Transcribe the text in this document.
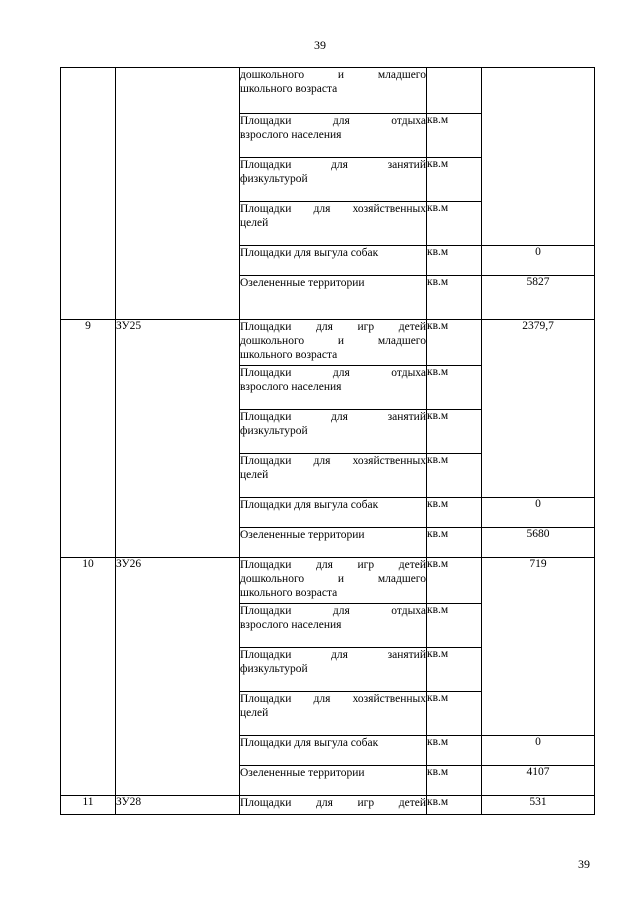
39

		дошкольного и младшего
школьного возраста		

		Площадки для отдыха
взрослого населения	кв.м	

		Площадки для занятий
физкультурой	кв.м	

		Площадки для хозяйственных
целей	кв.м	
		Площадки для выгула собак	кв.м	0
		Озелененные территории	кв.м	5827
9	ЗУ25	Площадки для игр детей
дошкольного и младшего
школьного возраста	кв.м	2379,7

		Площадки для отдыха
взрослого населения	кв.м	

		Площадки для занятий
физкультурой	кв.м	

		Площадки для хозяйственных
целей	кв.м	
		Площадки для выгула собак	кв.м	0
		Озелененные территории	кв.м	5680
10	ЗУ26	Площадки для игр детей
дошкольного и младшего
школьного возраста	кв.м	719

		Площадки для отдыха
взрослого населения	кв.м	

		Площадки для занятий
физкультурой	кв.м	

		Площадки для хозяйственных
целей	кв.м	
		Площадки для выгула собак	кв.м	0
		Озелененные территории	кв.м	4107
11	ЗУ28	Площадки для игр детей	кв.м	531
39
